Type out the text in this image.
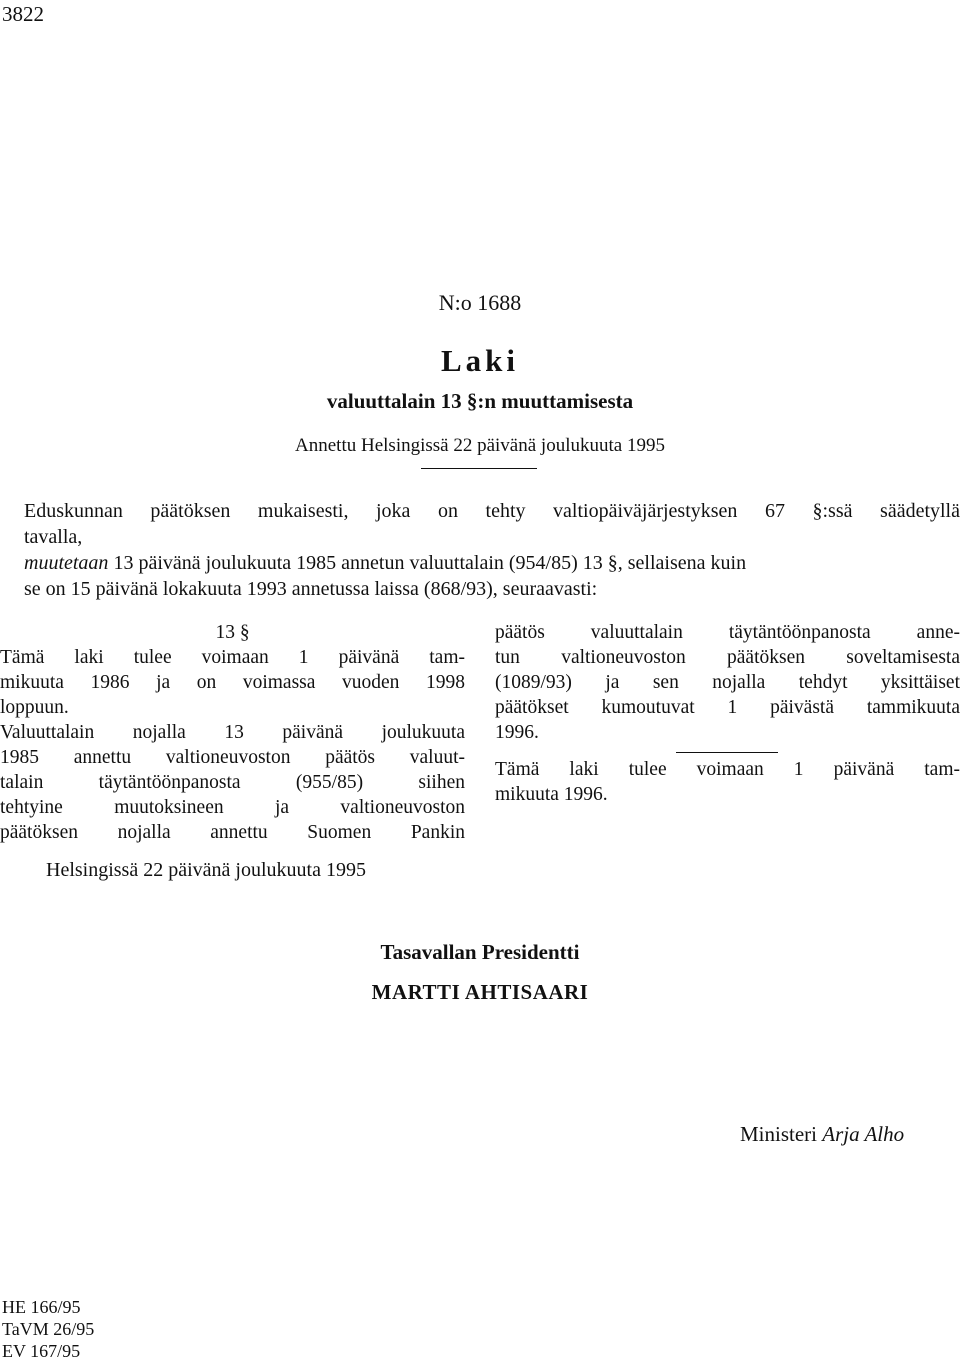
3822
N:o 1688
Laki
valuuttalain 13 §:n muuttamisesta
Annettu Helsingissä 22 päivänä joulukuuta 1995
Eduskunnan päätöksen mukaisesti, joka on tehty valtiopäiväjärjestyksen 67 §:ssä säädetyllä
tavalla,
muutetaan 13 päivänä joulukuuta 1985 annetun valuuttalain (954/85) 13 §, sellaisena kuin
se on 15 päivänä lokakuuta 1993 annetussa laissa (868/93), seuraavasti:
13 §
Tämä laki tulee voimaan 1 päivänä tam-
mikuuta 1986 ja on voimassa vuoden 1998
loppuun.
Valuuttalain nojalla 13 päivänä joulukuuta
1985 annettu valtioneuvoston päätös valuut-
talain täytäntöönpanosta (955/85) siihen
tehtyine muutoksineen ja valtioneuvoston
päätöksen nojalla annettu Suomen Pankin
päätös valuuttalain täytäntöönpanosta anne-
tun valtioneuvoston päätöksen soveltamisesta
(1089/93) ja sen nojalla tehdyt yksittäiset
päätökset kumoutuvat 1 päivästä tammikuuta
1996.
Tämä laki tulee voimaan 1 päivänä tam-
mikuuta 1996.
Helsingissä 22 päivänä joulukuuta 1995
Tasavallan Presidentti
MARTTI AHTISAARI
Ministeri Arja Alho
HE 166/95
TaVM 26/95
EV 167/95
